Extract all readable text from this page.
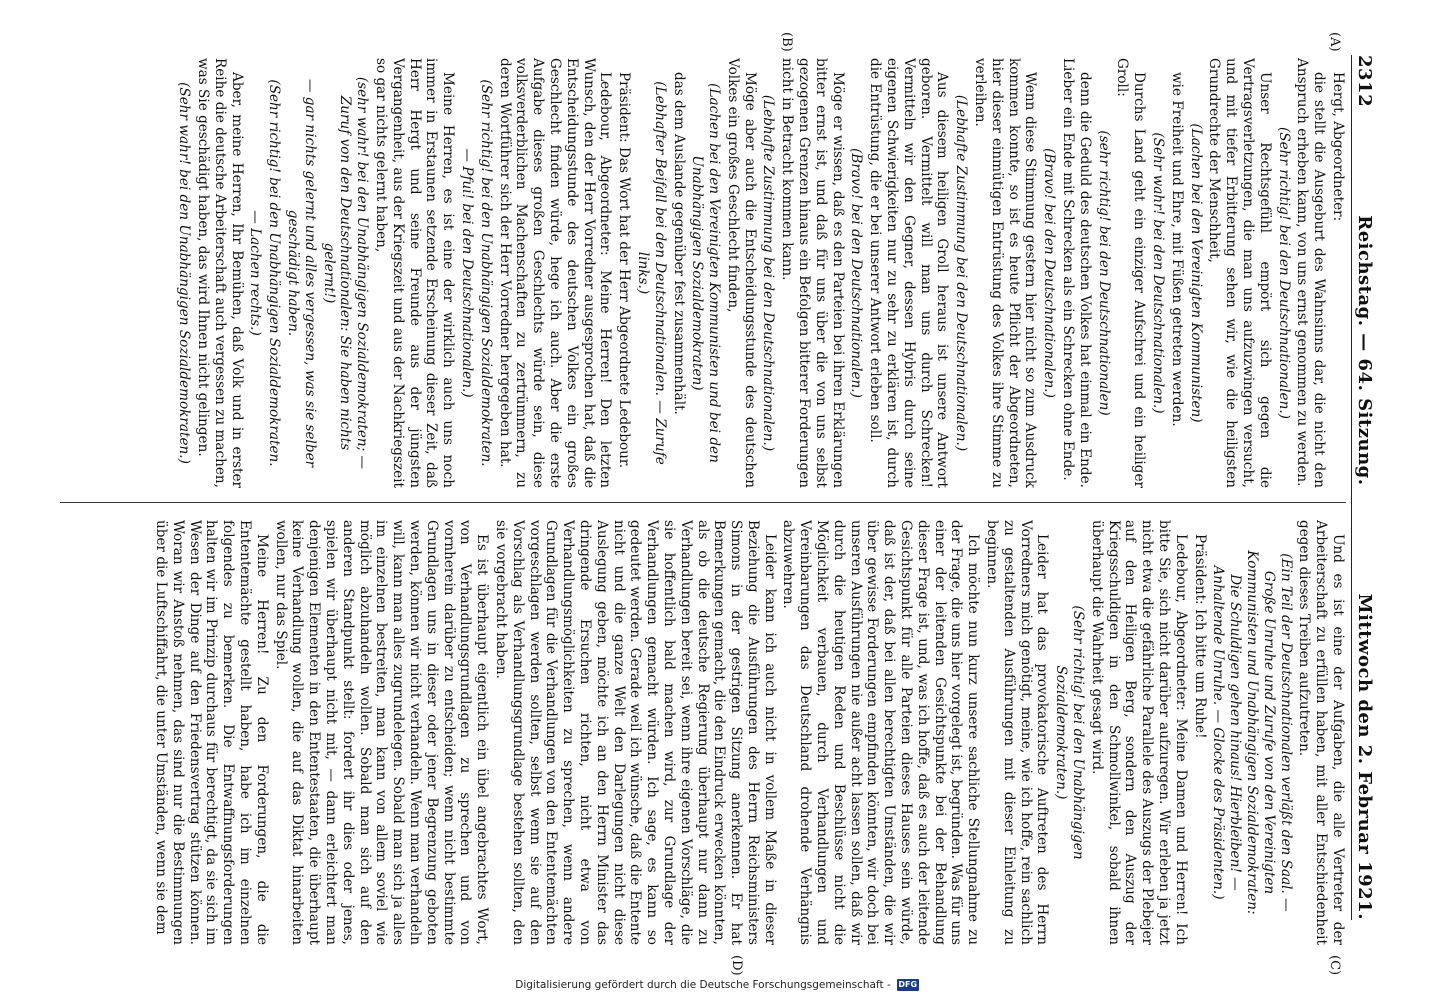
2312
Reichstag. — 64. Sitzung.
Mittwoch den 2. Februar 1921.
(A)
(B)
(C)
(D)

Hergt, Abgeordneter:

die stellt die Ausgeburt des Wahnsinns dar, die nicht den Anspruch erheben kann, von uns ernst genommen zu werden.

(Sehr richtig! bei den Deutschnationalen.)

Unser Rechtsgefühl empört sich gegen die Vertragsverletzungen, die man uns aufzuzwingen versucht, und mit tiefer Erbitterung sehen wir, wie die heiligsten Grundrechte der Menschheit,

(Lachen bei den Vereinigten Kommunisten)

wie Freiheit und Ehre, mit Füßen getreten werden.

(Sehr wahr! bei den Deutschnationalen.)

Durchs Land geht ein einziger Aufschrei und ein heiliger Groll:

(sehr richtig! bei den Deutschnationalen)

denn die Geduld des deutschen Volkes hat einmal ein Ende. Lieber ein Ende mit Schrecken als ein Schrecken ohne Ende.

(Bravo! bei den Deutschnationalen.)

Wenn diese Stimmung gestern hier nicht so zum Ausdruck kommen konnte, so ist es heute Pflicht der Abgeordneten, hier dieser einmütigen Entrüstung des Volkes ihre Stimme zu verleihen.

(Lebhafte Zustimmung bei den Deutschnationalen.)

Aus diesem heiligen Groll heraus ist unsere Antwort geboren. Vermittelt will man uns durch Schrecken! Vermitteln wir den Gegner, dessen Hybris durch seine eigenen Schwierigkeiten nur zu sehr zu erklären ist, durch die Entrüstung, die er bei unserer Antwort erleben soll.

(Bravo! bei den Deutschnationalen.)

Möge er wissen, daß es den Parteien bei ihren Erklärungen bitter ernst ist, und daß für uns über die von uns selbst gezogenen Grenzen hinaus ein Befolgen bitterer Forderungen nicht in Betracht kommen kann.

(Lebhafte Zustimmung bei den Deutschnationalen.)

Möge aber auch die Entscheidungsstunde des deutschen Volkes ein großes Geschlecht finden,

(Lachen bei den Vereinigten Kommunisten und bei den Unabhängigen Sozialdemokraten)

das dem Auslande gegenüber fest zusammenhält.

(Lebhafter Beifall bei den Deutschnationalen. — Zurufe links.)

Präsident: Das Wort hat der Herr Abgeordnete Ledebour.

Ledebour, Abgeordneter: Meine Herren! Den letzten Wunsch, den der Herr Vorredner ausgesprochen hat, daß die Entscheidungsstunde des deutschen Volkes ein großes Geschlecht finden würde, hege ich auch. Aber die erste Aufgabe dieses großen Geschlechts würde sein, diese volksverderblichen Machenschaften zu zertrümmern, zu deren Wortführer sich der Herr Vorredner hergegeben hat.

(Sehr richtig! bei den Unabhängigen Sozialdemokraten.

— Pfui! bei den Deutschnationalen.)

Meine Herren, es ist eine der wirklich auch uns noch immer in Erstaunen setzende Erscheinung dieser Zeit, daß Herr Hergt und seine Freunde aus der jüngsten Vergangenheit, aus der Kriegszeit und aus der Nachkriegszeit so gar nichts gelernt haben,

(sehr wahr! bei den Unabhängigen Sozialdemokraten; — Zuruf von den Deutschnationalen: Sie haben nichts gelernt!)

— gar nichts gelernt und alles vergessen, was sie selber geschädigt haben.

(Sehr richtig! bei den Unabhängigen Sozialdemokraten.

— Lachen rechts.)

Aber, meine Herren, Ihr Bemühen, daß Volk und in erster Reihe die deutsche Arbeiterschaft auch vergessen zu machen, was Sie geschädigt haben, das wird Ihnen nicht gelingen.

(Sehr wahr! bei den Unabhängigen Sozialdemokraten.)

Und es ist eine der Aufgaben, die alle Vertreter der Arbeiterschaft zu erfüllen haben, mit aller Entschiedenheit gegen dieses Treiben aufzutreten.

(Ein Teil der Deutschnationalen verläßt den Saal. — Große Unruhe und Zurufe von den Vereinigten Kommunisten und Unabhängigen Sozialdemokraten: Die Schuldigen gehen hinaus! Hierbleiben! — Anhaltende Unruhe. — Glocke des Präsidenten.)

Präsident: Ich bitte um Ruhe!

Ledebour, Abgeordneter: Meine Damen und Herren! Ich bitte Sie, sich nicht darüber aufzuregen. Wir erleben ja jetzt nicht etwa die gefährliche Parallele des Auszugs der Plebejer auf den Heiligen Berg, sondern den Auszug der Kriegsschuldigen in den Schmollwinkel, sobald ihnen überhaupt die Wahrheit gesagt wird.

(Sehr richtig! bei den Unabhängigen Sozialdemokraten.)

Leider hat das provokatorische Auftreten des Herrn Vorredners mich genötigt, meine, wie ich hoffe, rein sachlich zu gestaltenden Ausführungen mit dieser Einleitung zu beginnen.

Ich möchte nun kurz unsere sachliche Stellungnahme zu der Frage, die uns hier vorgelegt ist, begründen. Was für uns einer der leitenden Gesichtspunkte bei der Behandlung dieser Frage ist, und, was ich hoffe, daß es auch der leitende Gesichtspunkt für alle Parteien dieses Hauses sein würde, daß ist der, daß bei allen berechtigten Umständen, die wir über gewisse Forderungen empfinden könnten, wir doch bei unseren Ausführungen nie außer acht lassen sollen, daß wir durch die heutigen Reden und Beschlüsse nicht die Möglichkeit verbauen, durch Verhandlungen und Vereinbarungen das Deutschland drohende Verhängnis abzuwehren.

Leider kann ich auch nicht in vollem Maße in dieser Beziehung die Ausführungen des Herrn Reichsministers Simons in der gestrigen Sitzung anerkennen. Er hat Bemerkungen gemacht, die den Eindruck erwecken könnten, als ob die deutsche Regierung überhaupt nur dann zu Verhandlungen bereit sei, wenn ihre eigenen Vorschläge, die sie hoffentlich bald machen wird, zur Grundlage der Verhandlungen gemacht würden. Ich sage, es kann so gedeutet werden. Gerade weil ich wünsche, daß die Entente nicht und die ganze Welt den Darlegungen nicht diese Auslegung geben, möchte ich an den Herrn Minister das dringende Ersuchen richten, nicht etwa von Verhandlungsmöglichkeiten zu sprechen, wenn andere Grundlagen für die Verhandlungen von den Ententemächten vorgeschlagen werden sollten, selbst wenn sie auf den Vorschlag als Verhandlungsgrundlage bestehen sollten, den sie vorgebracht haben.

Es ist überhaupt eigentlich ein übel angebrachtes Wort, von Verhandlungsgrundlagen zu sprechen und von vornherein darüber zu entscheiden; wenn nicht bestimmte Grundlagen uns in dieser oder jener Begrenzung geboten werden, können wir nicht verhandeln. Wenn man verhandeln will, kann man alles zugrundelegen. Sobald man sich ja alles im einzelnen bestreiten, man kann von allem soviel wie möglich abzuhandeln wollen. Sobald man sich auf den anderen Standpunkt stellt: fordert ihr dies oder jenes, spielen wir überhaupt nicht mit, — dann erleichtert man denjenigen Elementen in den Ententestaaten, die überhaupt keine Verhandlung wollen, die auf das Diktat hinarbeiten wollen, nur das Spiel.

Meine Herren! Zu den Forderungen, die die Ententemächte gestellt haben, habe ich im einzelnen folgendes zu bemerken. Die Entwaffnungsforderungen halten wir im Prinzip durchaus für berechtigt, da sie sich im Wesen der Dinge auf den Friedensvertrag stützen können. Woran wir Anstoß nehmen, das sind nur die Bestimmungen über die Luftschiffahrt, die unter Umständen, wenn sie dem

Digitalisierung gefördert durch die Deutsche Forschungsgemeinschaft - DFG
